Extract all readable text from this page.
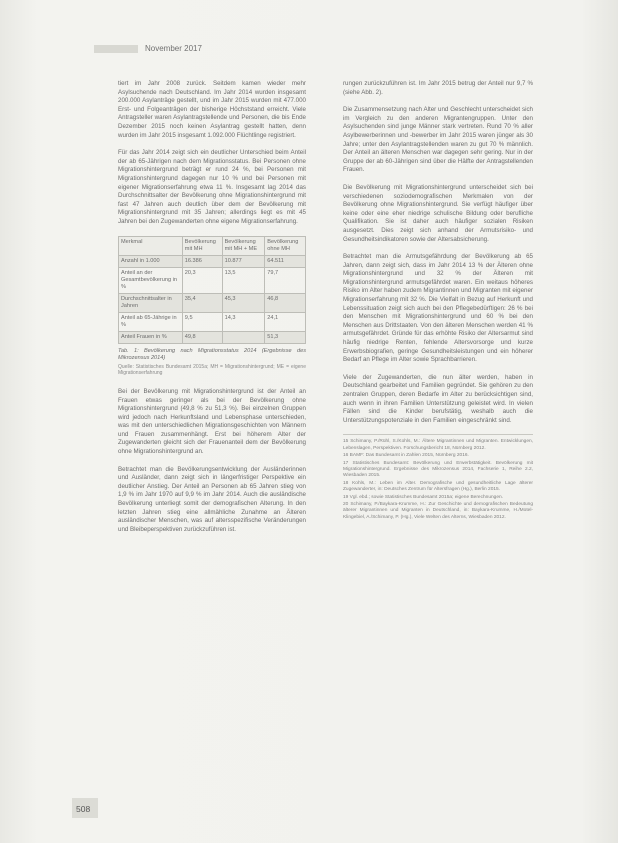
November 2017

tiert im Jahr 2008 zurück. Seitdem kamen wieder mehr Asylsuchende nach Deutschland. Im Jahr 2014 wurden insgesamt 200.000 Asylanträge gestellt, und im Jahr 2015 wurden mit 477.000 Erst- und Folgeanträgen der bisherige Höchststand erreicht. Viele Antragsteller waren Asylantragstellende und Personen, die bis Ende Dezember 2015 noch keinen Asylantrag gestellt hatten, denn wurden im Jahr 2015 insgesamt 1.092.000 Flüchtlinge registriert.

Für das Jahr 2014 zeigt sich ein deutlicher Unterschied beim Anteil der ab 65-Jährigen nach dem Migrationsstatus. Bei Personen ohne Migrationshintergrund beträgt er rund 24 %, bei Personen mit Migrationshintergrund dagegen nur 10 % und bei Personen mit eigener Migrationserfahrung etwa 11 %. Insgesamt lag 2014 das Durchschnittsalter der Bevölkerung ohne Migrationshintergrund mit fast 47 Jahren auch deutlich über dem der Bevölkerung mit Migrationshintergrund mit 35 Jahren; allerdings liegt es mit 45 Jahren bei den Zugewanderten ohne eigene Migrationserfahrung.

Merkmal	Bevölkerung mit MH	Bevölkerung mit MH + ME	Bevölkerung ohne MH
Anzahl in 1.000	16.386	10.877	64.511
Anteil an der Gesamtbevölkerung in %	20,3	13,5	79,7
Durchschnittsalter in Jahren	35,4	45,3	46,8
Anteil ab 65-Jährige in %	9,5	14,3	24,1
Anteil Frauen in %	49,8		51,3
Tab. 1: Bevölkerung nach Migrationsstatus 2014 (Ergebnisse des Mikrozensus 2014)
Quelle: Statistisches Bundesamt 2015a; MH = Migrationshintergrund; ME = eigene Migrationserfahrung

Bei der Bevölkerung mit Migrationshintergrund ist der Anteil an Frauen etwas geringer als bei der Bevölkerung ohne Migrationshintergrund (49,8 % zu 51,3 %). Bei einzelnen Gruppen wird jedoch nach Herkunftsland und Lebensphase unterschieden, was mit den unterschiedlichen Migrationsgeschichten von Männern und Frauen zusammenhängt. Erst bei höherem Alter der Zugewanderten gleicht sich der Frauenanteil dem der Bevölkerung ohne Migrationshintergrund an.

Betrachtet man die Bevölkerungsentwicklung der Ausländerinnen und Ausländer, dann zeigt sich in längerfristiger Perspektive ein deutlicher Anstieg. Der Anteil an Personen ab 65 Jahren stieg von 1,9 % im Jahr 1970 auf 9,9 % im Jahr 2014. Auch die ausländische Bevölkerung unterliegt somit der demografischen Alterung. In den letzten Jahren stieg eine allmähliche Zunahme an Älteren ausländischer Menschen, was auf altersspezifische Veränderungen und Bleibeperspektiven zurückzuführen ist.

rungen zurückzuführen ist. Im Jahr 2015 betrug der Anteil nur 9,7 % (siehe Abb. 2).

Die Zusammensetzung nach Alter und Geschlecht unterscheidet sich im Vergleich zu den anderen Migrantengruppen. Unter den Asylsuchenden sind junge Männer stark vertreten. Rund 70 % aller Asylbewerberinnen und -bewerber im Jahr 2015 waren jünger als 30 Jahre; unter den Asylantragstellenden waren zu gut 70 % männlich. Der Anteil an älteren Menschen war dagegen sehr gering. Nur in der Gruppe der ab 60-Jährigen sind über die Hälfte der Antragstellenden Frauen.

Die Bevölkerung mit Migrationshintergrund unterscheidet sich bei verschiedenen soziodemografischen Merkmalen von der Bevölkerung ohne Migrationshintergrund. Sie verfügt häufiger über keine oder eine eher niedrige schulische Bildung oder berufliche Qualifikation. Sie ist daher auch häufiger sozialen Risiken ausgesetzt. Dies zeigt sich anhand der Armutsrisiko- und Gesundheitsindikatoren sowie der Altersabsicherung.

Betrachtet man die Armutsgefährdung der Bevölkerung ab 65 Jahren, dann zeigt sich, dass im Jahr 2014 13 % der Älteren ohne Migrationshintergrund und 32 % der Älteren mit Migrationshintergrund armutsgefährdet waren. Ein weitaus höheres Risiko im Alter haben zudem Migrantinnen und Migranten mit eigener Migrationserfahrung mit 32 %. Die Vielfalt in Bezug auf Herkunft und Lebenssituation zeigt sich auch bei den Pflegebedürftigen: 26 % bei den Menschen mit Migrationshintergrund und 60 % bei den Menschen aus Drittstaaten. Von den älteren Menschen werden 41 % armutsgefährdet. Gründe für das erhöhte Risiko der Altersarmut sind häufig niedrige Renten, fehlende Altersvorsorge und kurze Erwerbsbiografien, geringe Gesundheitsleistungen und ein höherer Bedarf an Pflege im Alter sowie Sprachbarrieren.

Viele der Zugewanderten, die nun älter werden, haben in Deutschland gearbeitet und Familien gegründet. Sie gehören zu den zentralen Gruppen, deren Bedarfe im Alter zu berücksichtigen sind, auch wenn in ihren Familien Unterstützung geleistet wird. In vielen Fällen sind die Kinder berufstätig, weshalb auch die Unterstützungspotenziale in den Familien eingeschränkt sind.

15 Schimany, P./Rühl, S./Kohls, M.: Ältere Migrantinnen und Migranten. Entwicklungen, Lebenslagen, Perspektiven. Forschungsbericht 18, Nürnberg 2012.
16 BAMF: Das Bundesamt in Zahlen 2015, Nürnberg 2016.
17 Statistisches Bundesamt: Bevölkerung und Erwerbstätigkeit. Bevölkerung mit Migrationshintergrund. Ergebnisse des Mikrozensus 2014, Fachserie 1, Reihe 2.2, Wiesbaden 2015.
18 Kohls, M.: Leben im Alter. Demografische und gesundheitliche Lage älterer Zugewanderter, in: Deutsches Zentrum für Altersfragen (Hg.), Berlin 2015.
19 Vgl. ebd.; sowie Statistisches Bundesamt 2015a; eigene Berechnungen.
20 Schimany, P./Baykara-Krumme, H.: Zur Geschichte und demografischen Bedeutung älterer Migrantinnen und Migranten in Deutschland, in: Baykara-Krumme, H./Motel-Klingebiel, A./Schimany, P. (Hg.), Viele Welten des Alterns, Wiesbaden 2012.
508
